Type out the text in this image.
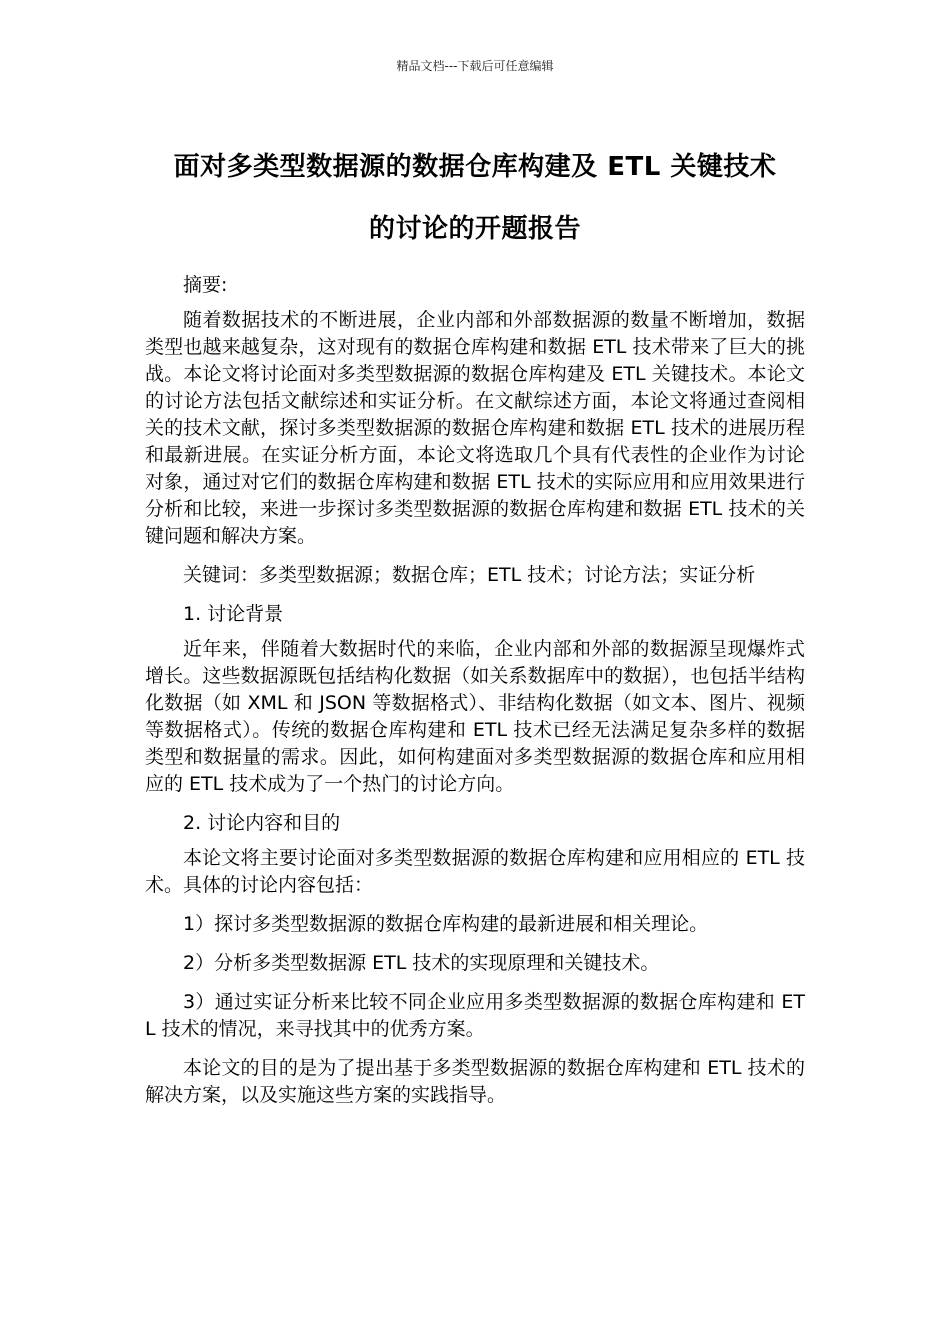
精品文档---下载后可任意编辑
面对多类型数据源的数据仓库构建及 ETL 关键技术
的讨论的开题报告

摘要:

随着数据技术的不断进展，企业内部和外部数据源的数量不断增加，数据类型也越来越复杂，这对现有的数据仓库构建和数据 ETL 技术带来了巨大的挑战。本论文将讨论面对多类型数据源的数据仓库构建及 ETL 关键技术。本论文的讨论方法包括文献综述和实证分析。在文献综述方面，本论文将通过查阅相关的技术文献，探讨多类型数据源的数据仓库构建和数据 ETL 技术的进展历程和最新进展。在实证分析方面，本论文将选取几个具有代表性的企业作为讨论对象，通过对它们的数据仓库构建和数据 ETL 技术的实际应用和应用效果进行分析和比较，来进一步探讨多类型数据源的数据仓库构建和数据 ETL 技术的关键问题和解决方案。

关键词：多类型数据源；数据仓库；ETL 技术；讨论方法；实证分析

1. 讨论背景

近年来，伴随着大数据时代的来临，企业内部和外部的数据源呈现爆炸式增长。这些数据源既包括结构化数据（如关系数据库中的数据），也包括半结构化数据（如 XML 和 JSON 等数据格式）、非结构化数据（如文本、图片、视频等数据格式）。传统的数据仓库构建和 ETL 技术已经无法满足复杂多样的数据类型和数据量的需求。因此，如何构建面对多类型数据源的数据仓库和应用相应的 ETL 技术成为了一个热门的讨论方向。

2. 讨论内容和目的

本论文将主要讨论面对多类型数据源的数据仓库构建和应用相应的 ETL 技术。具体的讨论内容包括：

1）探讨多类型数据源的数据仓库构建的最新进展和相关理论。

2）分析多类型数据源 ETL 技术的实现原理和关键技术。

3）通过实证分析来比较不同企业应用多类型数据源的数据仓库构建和 ETL 技术的情况，来寻找其中的优秀方案。

本论文的目的是为了提出基于多类型数据源的数据仓库构建和 ETL 技术的解决方案，以及实施这些方案的实践指导。
